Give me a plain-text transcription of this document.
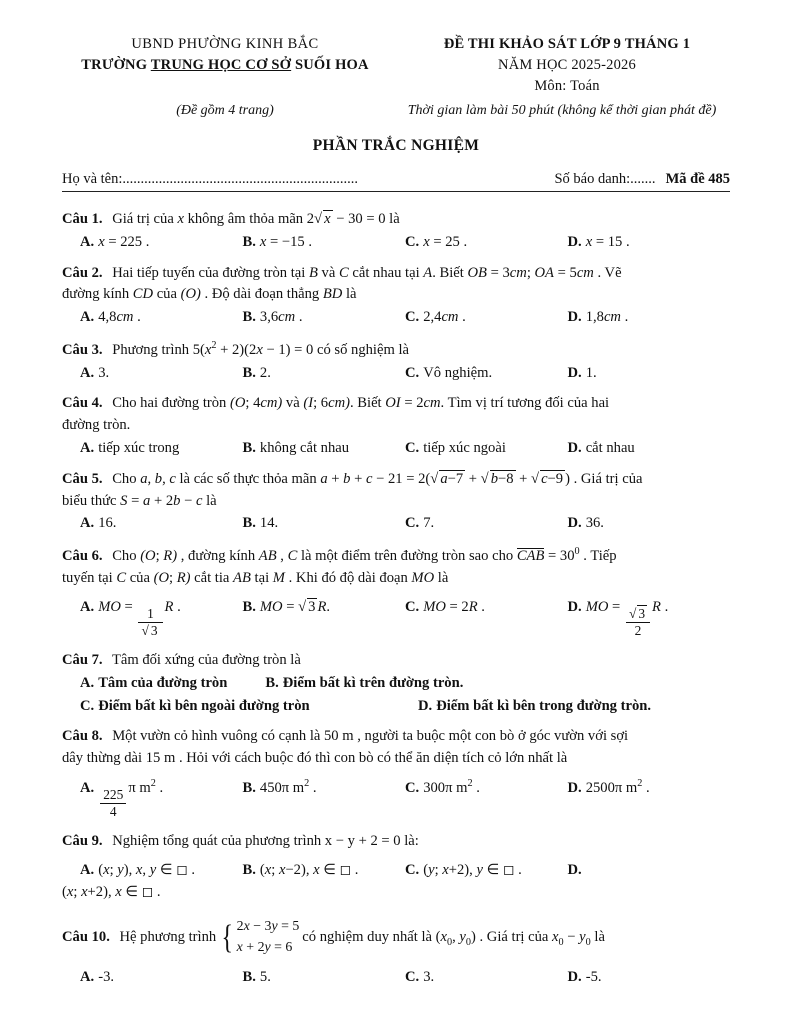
UBND PHƯỜNG KINH BẮC
TRƯỜNG TRUNG HỌC CƠ SỞ SUỐI HOA
ĐỀ THI KHẢO SÁT LỚP 9 THÁNG 1
NĂM HỌC 2025-2026
Môn: Toán
(Đề gồm 4 trang)	Thời gian làm bài 50 phút (không kể thời gian phát đề)
PHẦN TRẮC NGHIỆM
Họ và tên:.................................................................	Số báo danh:....... Mã đề 485
Câu 1. Giá trị của x không âm thỏa mãn 2√ x − 30 = 0 là
A. x = 225 .	B. x = −15 .	C. x = 25 .	D. x = 15 .
Câu 2. Hai tiếp tuyến của đường tròn tại B và C cắt nhau tại A. Biết OB = 3cm; OA = 5cm . Vẽ
đường kính CD của (O) . Độ dài đoạn thẳng BD là
A. 4,8cm .	B. 3,6cm .	C. 2,4cm .	D. 1,8cm .
Câu 3. Phương trình $5(x^2 + 2)(2x - 1) = 0$ có số nghiệm là
A. 3.	B. 2.	C. Vô nghiệm.	D. 1.
Câu 4. Cho hai đường tròn (O; 4cm) và (I; 6cm). Biết OI = 2cm. Tìm vị trí tương đối của hai
đường tròn.
A. tiếp xúc trong	B. không cắt nhau	C. tiếp xúc ngoài	D. cắt nhau
Câu 5. Cho a, b, c là các số thực thỏa mãn a + b + c − 21 = 2(√ a−7 + √ b−8 + √ c−9 ) . Giá trị của
biểu thức S = a + 2b − c là
A. 16.	B. 14.	C. 7.	D. 36.
Câu 6. Cho (O; R) , đường kính AB , C là một điểm trên đường tròn sao cho CAB = $30^0$ . Tiếp
tuyến tại C của (O; R) cắt tia AB tại M . Khi đó độ dài đoạn MO là
A. MO = $\frac{1}{√ 3}$ R .	B. MO = √ 3 R.	C. MO = 2R .	D. MO = $\frac{√ 3}{2}$ R .
Câu 7. Tâm đối xứng của đường tròn là
A. Tâm của đường tròn	B. Điểm bất kì trên đường tròn.
C. Điểm bất kì bên ngoài đường tròn	D. Điểm bất kì bên trong đường tròn.
Câu 8. Một vườn cỏ hình vuông có cạnh là 50 m , người ta buộc một con bò ở góc vườn với sợi
dây thừng dài 15 m . Hỏi với cách buộc đó thì con bò có thể ăn diện tích cỏ lớn nhất là
A. $\frac{225}{4}$ π $m^2$ .	B. 450π $m^2$ .	C. 300π $m^2$ .	D. 2500π $m^2$ .
Câu 9. Nghiệm tổng quát của phương trình x − y + 2 = 0 là:
A. (x; y), x, y ∈ ◻ .	B. (x; x−2), x ∈ ◻ .	C. (y; x+2), y ∈ ◻ .	D.
(x; x+2), x ∈ ◻ .
Câu 10. Hệ phương trình { 2x − 3y = 5
x + 2y = 6
có nghiệm duy nhất là ($x_0$, $y_0$) . Giá trị của $x_0 - y_0$ là
A. -3.	B. 5.	C. 3.	D. -5.
